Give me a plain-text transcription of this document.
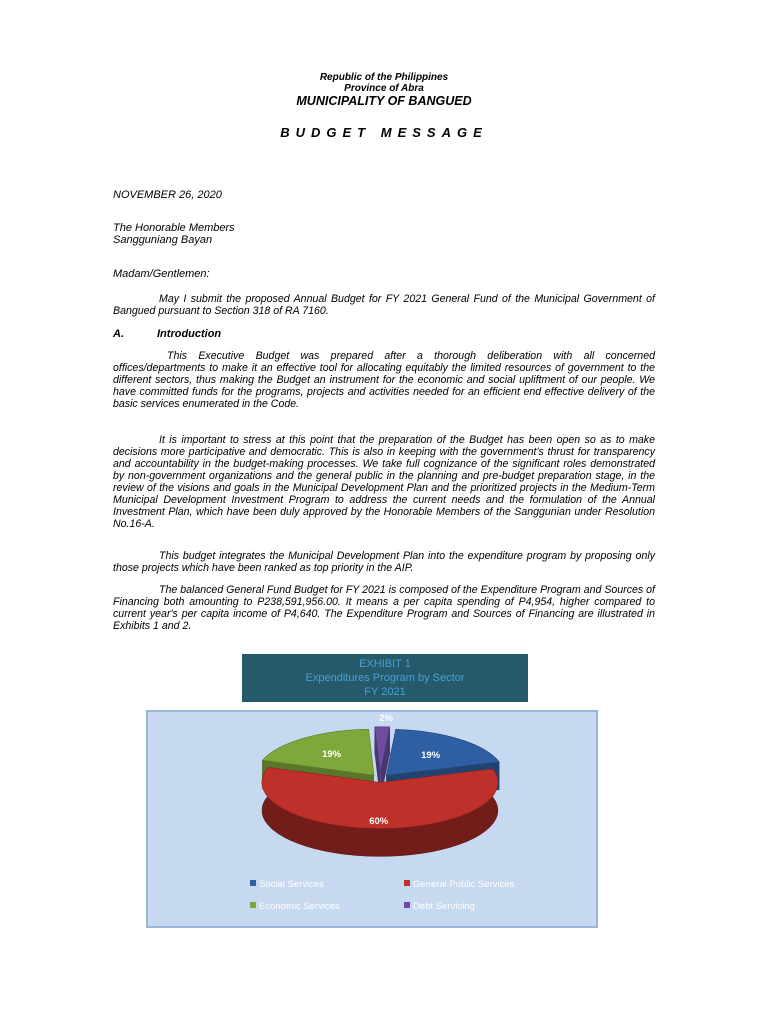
Republic of the Philippines
Province of Abra
MUNICIPALITY OF BANGUED
BUDGET MESSAGE
NOVEMBER 26, 2020
The Honorable Members
Sangguniang Bayan
Madam/Gentlemen:

May I submit the proposed Annual Budget for FY 2021 General Fund of the Municipal Government of Bangued pursuant to Section 318 of RA 7160.

A.	Introduction

This Executive Budget was prepared after a thorough deliberation with all concerned offices/departments to make it an effective tool for allocating equitably the limited resources of government to the different sectors, thus making the Budget an instrument for the economic and social upliftment of our people. We have committed funds for the programs, projects and activities needed for an efficient end effective delivery of the basic services enumerated in the Code.

It is important to stress at this point that the preparation of the Budget has been open so as to make decisions more participative and democratic. This is also in keeping with the government's thrust for transparency and accountability in the budget-making processes. We take full cognizance of the significant roles demonstrated by non-government organizations and the general public in the planning and pre-budget preparation stage, in the review of the visions and goals in the Municipal Development Plan and the prioritized projects in the Medium-Term Municipal Development Investment Program to address the current needs and the formulation of the Annual Investment Plan, which have been duly approved by the Honorable Members of the Sanggunian under Resolution No.16-A.

This budget integrates the Municipal Development Plan into the expenditure program by proposing only those projects which have been ranked as top priority in the AIP.

The balanced General Fund Budget for FY 2021 is composed of the Expenditure Program and Sources of Financing both amounting to P238,591,956.00. It means a per capita spending of P4,954, higher compared to current year's per capita income of P4,640. The Expenditure Program and Sources of Financing are illustrated in Exhibits 1 and 2.

EXHIBIT 1
Expenditures Program by Sector
FY 2021
19%
60%
19%
2%
Social Services	General Public Services
Economic Services	Debt Servicing
